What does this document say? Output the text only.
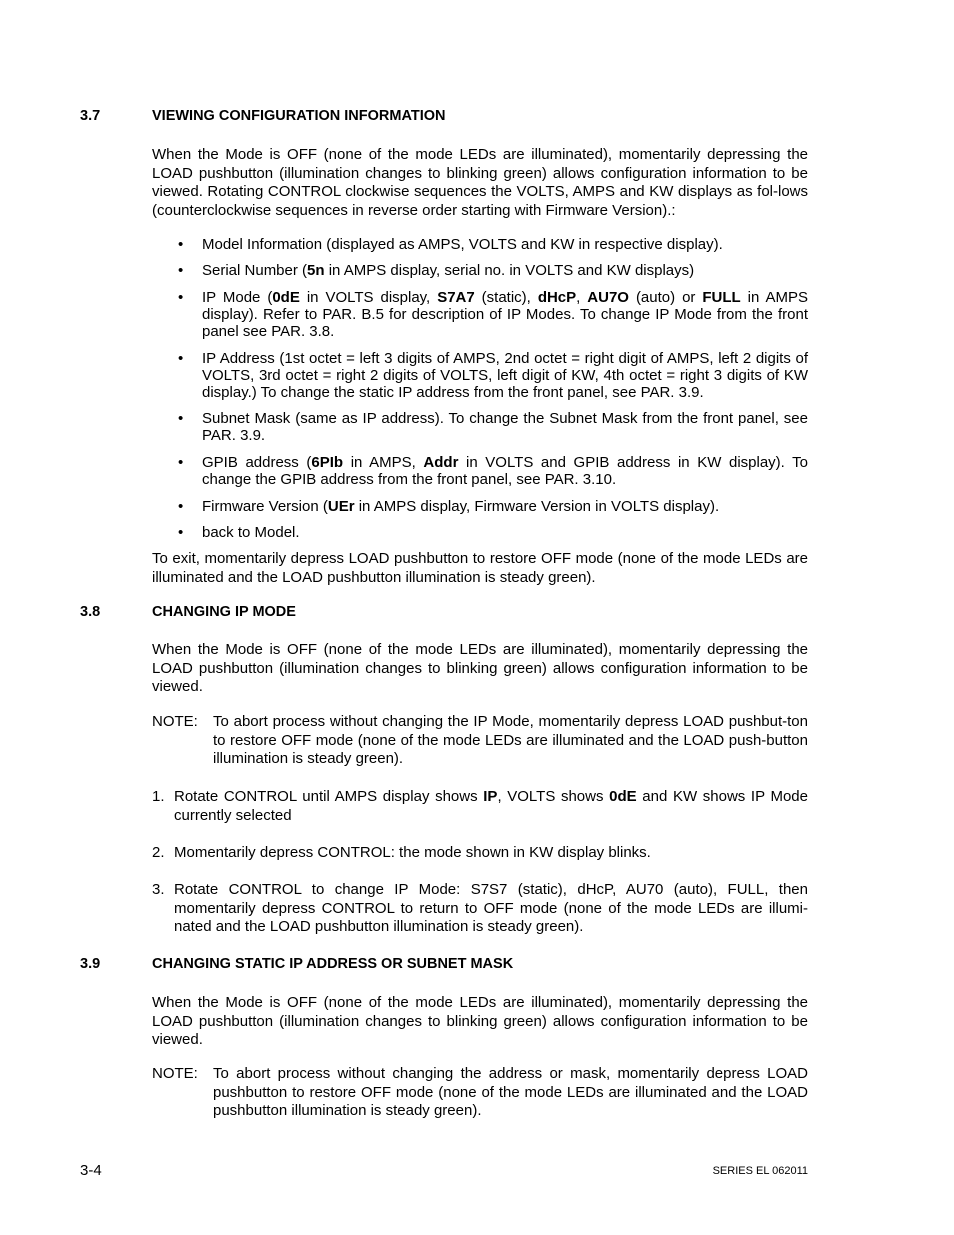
3.7	VIEWING CONFIGURATION INFORMATION
When the Mode is OFF (none of the mode LEDs are illuminated), momentarily depressing the LOAD pushbutton (illumination changes to blinking green) allows configuration information to be viewed. Rotating CONTROL clockwise sequences the VOLTS, AMPS and KW displays as fol-lows (counterclockwise sequences in reverse order starting with Firmware Version).:
• Model Information (displayed as AMPS, VOLTS and KW in respective display).
• Serial Number (5n in AMPS display, serial no. in VOLTS and KW displays)
• IP Mode (0dE in VOLTS display, S7A7 (static), dHcP, AU7O (auto) or FULL in AMPS display). Refer to PAR. B.5 for description of IP Modes. To change IP Mode from the front panel see PAR. 3.8.
• IP Address (1st octet = left 3 digits of AMPS, 2nd octet = right digit of AMPS, left 2 digits of VOLTS, 3rd octet = right 2 digits of VOLTS, left digit of KW, 4th octet = right 3 digits of KW display.) To change the static IP address from the front panel, see PAR. 3.9.
• Subnet Mask (same as IP address). To change the Subnet Mask from the front panel, see PAR. 3.9.
• GPIB address (6PIb in AMPS, Addr in VOLTS and GPIB address in KW display). To change the GPIB address from the front panel, see PAR. 3.10.
• Firmware Version (UEr in AMPS display, Firmware Version in VOLTS display).
• back to Model.
To exit, momentarily depress LOAD pushbutton to restore OFF mode (none of the mode LEDs are illuminated and the LOAD pushbutton illumination is steady green).
3.8	CHANGING IP MODE
When the Mode is OFF (none of the mode LEDs are illuminated), momentarily depressing the LOAD pushbutton (illumination changes to blinking green) allows configuration information to be viewed.
NOTE: To abort process without changing the IP Mode, momentarily depress LOAD pushbut-ton to restore OFF mode (none of the mode LEDs are illuminated and the LOAD push-button illumination is steady green).
1. Rotate CONTROL until AMPS display shows IP, VOLTS shows 0dE and KW shows IP Mode currently selected
2. Momentarily depress CONTROL: the mode shown in KW display blinks.
3. Rotate CONTROL to change IP Mode: S7S7 (static), dHcP, AU70 (auto), FULL, then momentarily depress CONTROL to return to OFF mode (none of the mode LEDs are illumi-nated and the LOAD pushbutton illumination is steady green).
3.9	CHANGING STATIC IP ADDRESS OR SUBNET MASK
When the Mode is OFF (none of the mode LEDs are illuminated), momentarily depressing the LOAD pushbutton (illumination changes to blinking green) allows configuration information to be viewed.
NOTE: To abort process without changing the address or mask, momentarily depress LOAD pushbutton to restore OFF mode (none of the mode LEDs are illuminated and the LOAD pushbutton illumination is steady green).
3-4	SERIES EL 062011
